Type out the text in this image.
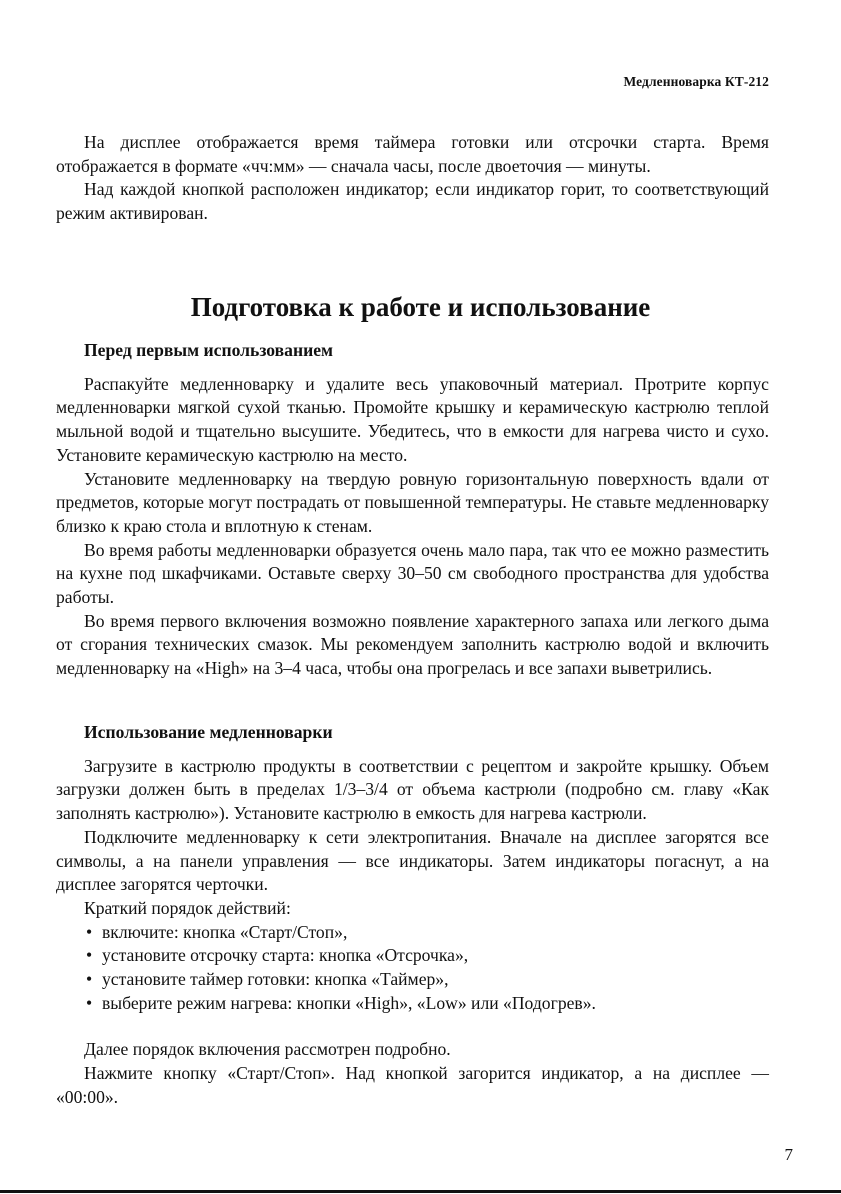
Медленноварка КТ-212
На дисплее отображается время таймера готовки или отсрочки старта. Время отображается в формате «чч:мм» — сначала часы, после двоеточия — минуты.
Над каждой кнопкой расположен индикатор; если индикатор горит, то соответствующий режим активирован.
Подготовка к работе и использование
Перед первым использованием
Распакуйте медленноварку и удалите весь упаковочный материал. Протрите корпус медленноварки мягкой сухой тканью. Промойте крышку и керамическую кастрюлю теплой мыльной водой и тщательно высушите. Убедитесь, что в емкости для нагрева чисто и сухо. Установите керамическую кастрюлю на место.
Установите медленноварку на твердую ровную горизонтальную поверхность вдали от предметов, которые могут пострадать от повышенной температуры. Не ставьте медленноварку близко к краю стола и вплотную к стенам.
Во время работы медленноварки образуется очень мало пара, так что ее можно разместить на кухне под шкафчиками. Оставьте сверху 30–50 см свободного пространства для удобства работы.
Во время первого включения возможно появление характерного запаха или легкого дыма от сгорания технических смазок. Мы рекомендуем заполнить кастрюлю водой и включить медленноварку на «High» на 3–4 часа, чтобы она прогрелась и все запахи выветрились.
Использование медленноварки
Загрузите в кастрюлю продукты в соответствии с рецептом и закройте крышку. Объем загрузки должен быть в пределах 1/3–3/4 от объема кастрюли (подробно см. главу «Как заполнять кастрюлю»). Установите кастрюлю в емкость для нагрева кастрюли.
Подключите медленноварку к сети электропитания. Вначале на дисплее загорятся все символы, а на панели управления — все индикаторы. Затем индикаторы погаснут, а на дисплее загорятся черточки.
Краткий порядок действий:
• включите: кнопка «Старт/Стоп»,
• установите отсрочку старта: кнопка «Отсрочка»,
• установите таймер готовки: кнопка «Таймер»,
• выберите режим нагрева: кнопки «High», «Low» или «Подогрев».
Далее порядок включения рассмотрен подробно.
Нажмите кнопку «Старт/Стоп». Над кнопкой загорится индикатор, а на дисплее — «00:00».
7
